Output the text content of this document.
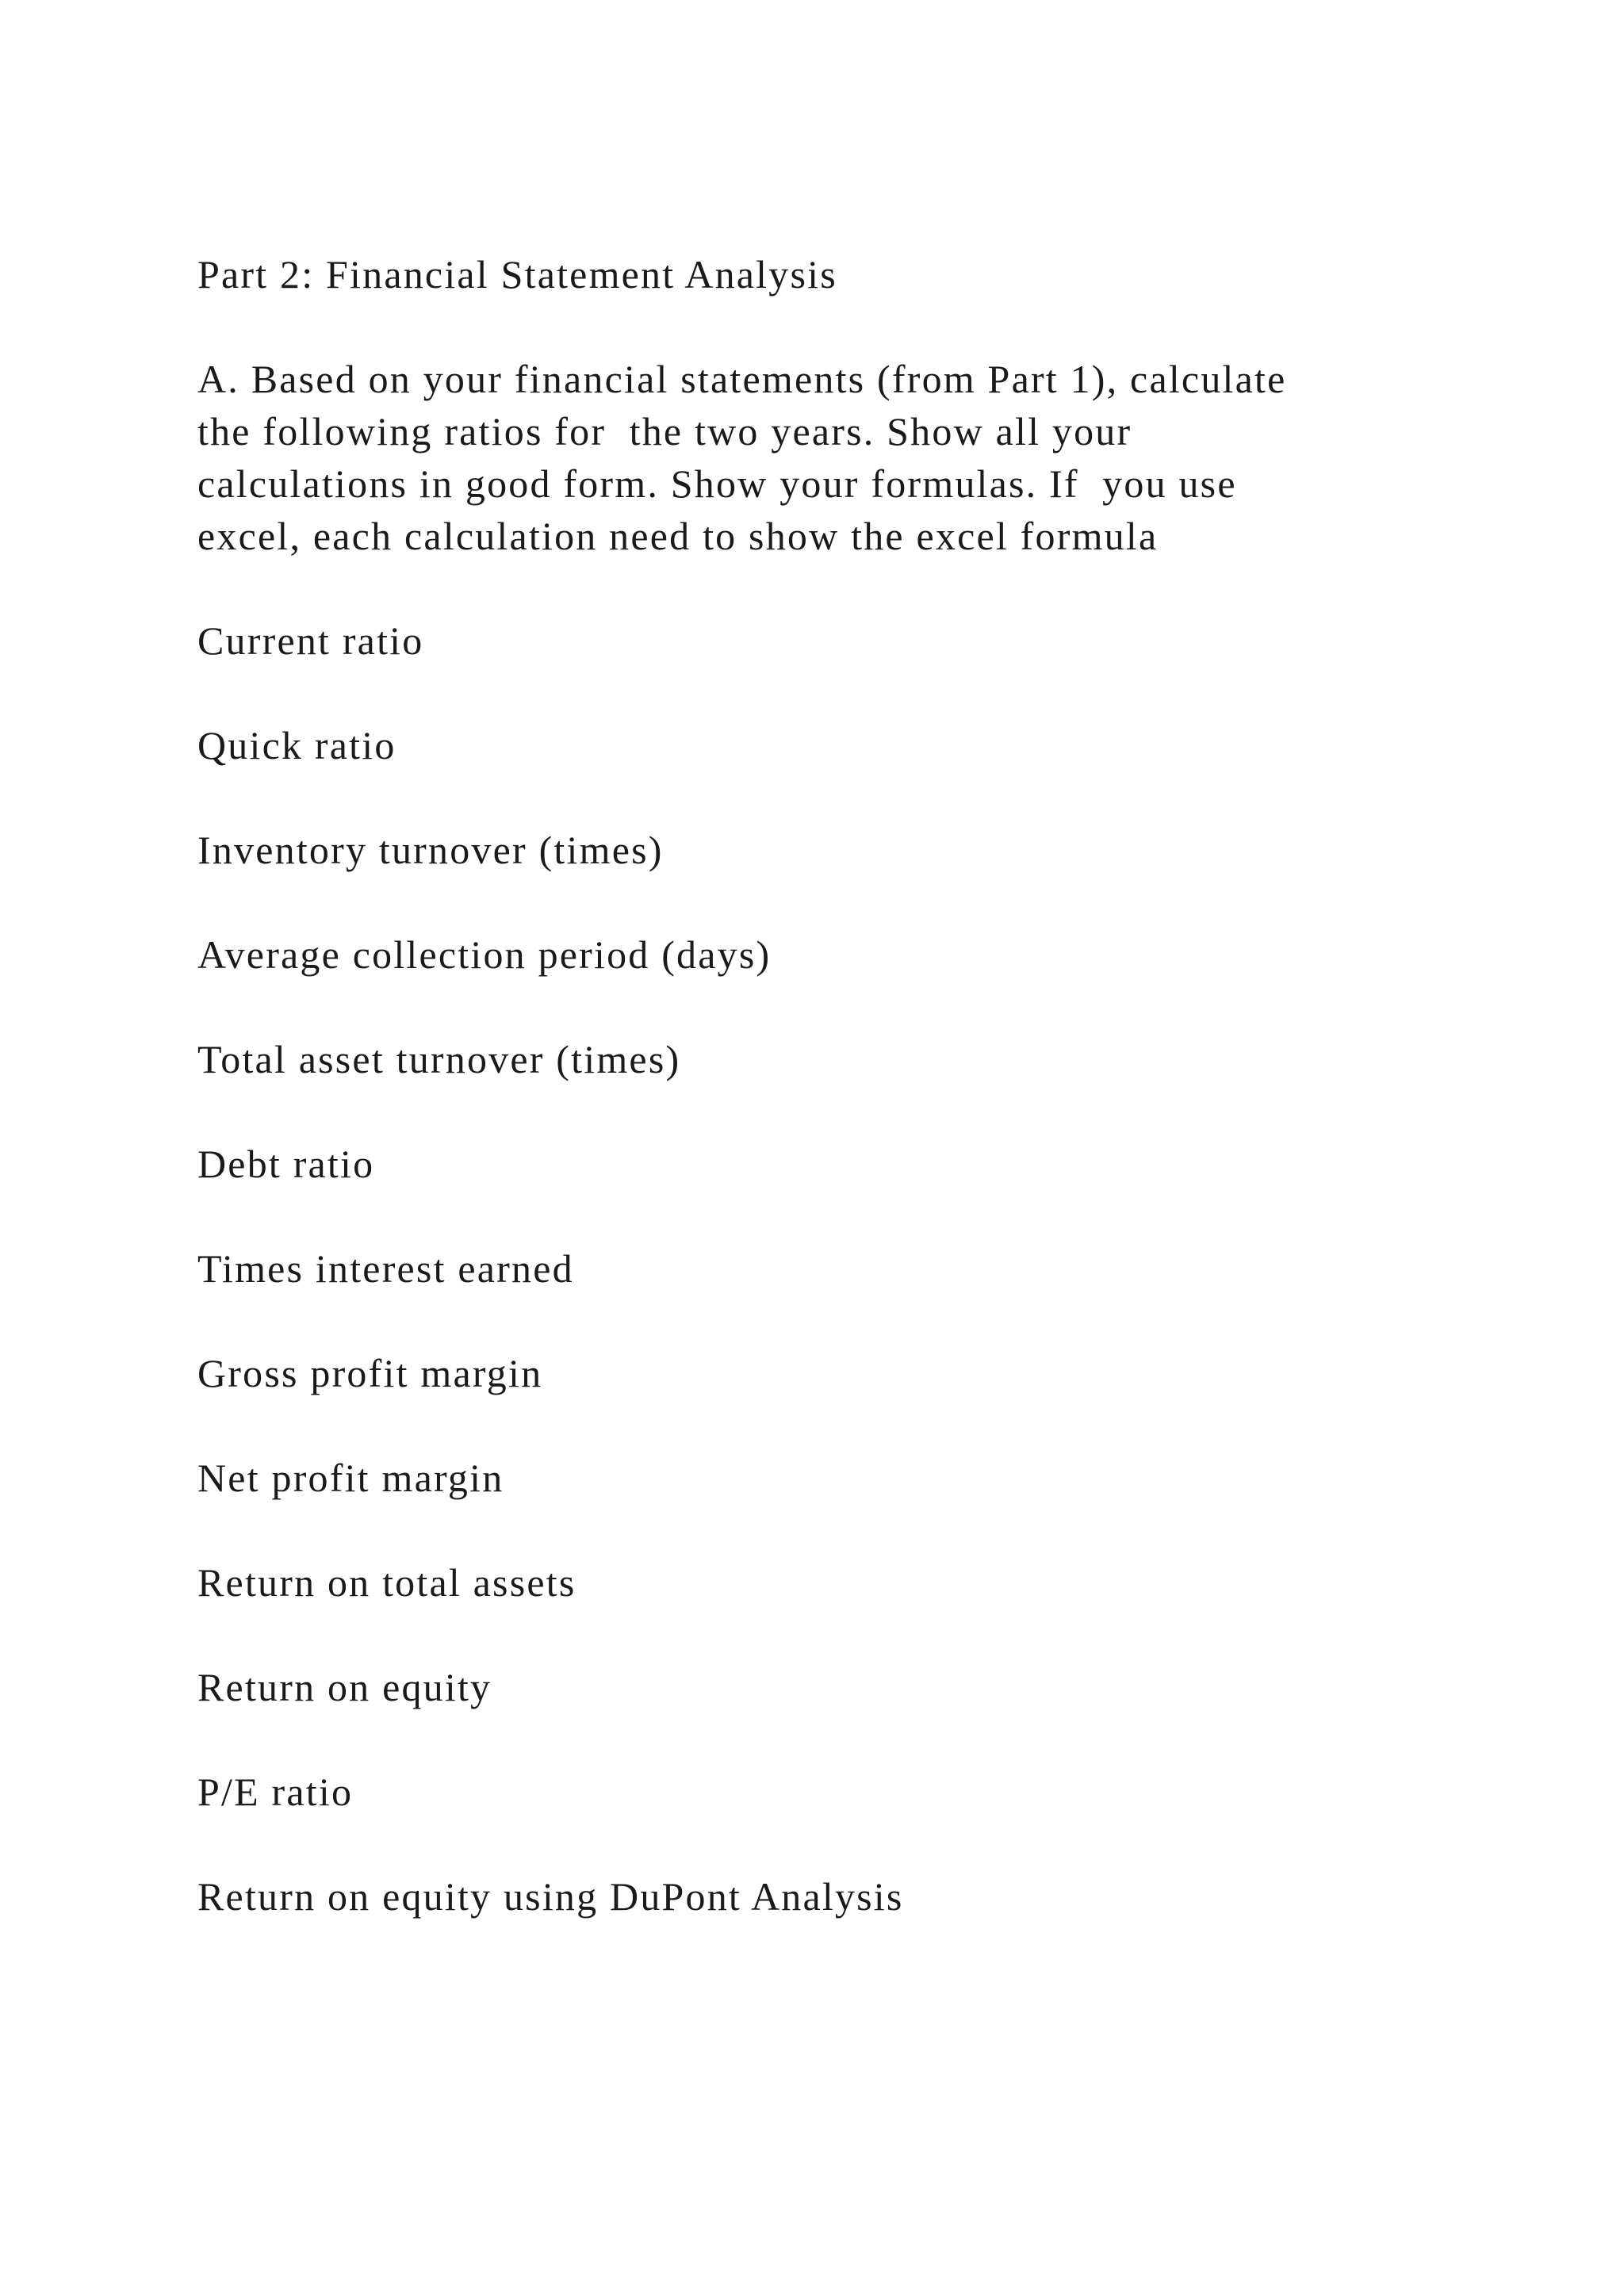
Part 2: Financial Statement Analysis

A. Based on your financial statements (from Part 1), calculate

the following ratios for  the two years. Show all your

calculations in good form. Show your formulas. If  you use

excel, each calculation need to show the excel formula

Current ratio

Quick ratio

Inventory turnover (times)

Average collection period (days)

Total asset turnover (times)

Debt ratio

Times interest earned

Gross profit margin

Net profit margin

Return on total assets

Return on equity

P/E ratio

Return on equity using DuPont Analysis
